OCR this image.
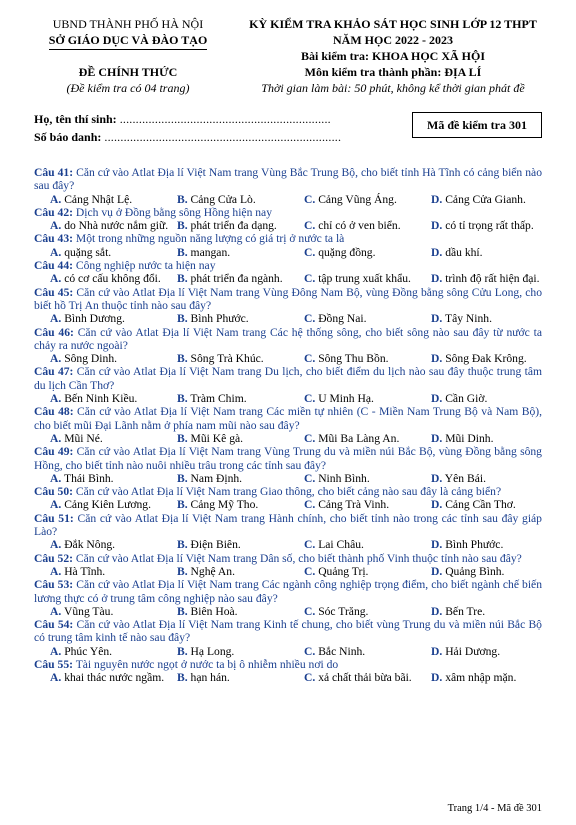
UBND THÀNH PHỐ HÀ NỘI
SỞ GIÁO DỤC VÀ ĐÀO TẠO
ĐỀ CHÍNH THỨC
(Đề kiểm tra có 04 trang)
KỲ KIỂM TRA KHẢO SÁT HỌC SINH LỚP 12 THPT
NĂM HỌC 2022 - 2023
Bài kiểm tra: KHOA HỌC XÃ HỘI
Môn kiểm tra thành phần: ĐỊA LÍ
Thời gian làm bài: 50 phút, không kể thời gian phát đề
Họ, tên thí sinh: ..................................................................
Số báo danh: ..........................................................................
Mã đề kiểm tra 301
Câu 41: Căn cứ vào Atlat Địa lí Việt Nam trang Vùng Bắc Trung Bộ, cho biết tỉnh Hà Tĩnh có cảng biển nào sau đây?
A. Cảng Nhật Lệ.	B. Cảng Cửa Lò.	C. Cảng Vũng Áng.	D. Cảng Cửa Gianh.
Câu 42: Dịch vụ ở Đồng bằng sông Hồng hiện nay
A. do Nhà nước nắm giữ. B. phát triển đa dạng.	C. chỉ có ở ven biển.	D. có tỉ trọng rất thấp.
Câu 43: Một trong những nguồn năng lượng có giá trị ở nước ta là
A. quặng sắt.	B. mangan.	C. quặng đồng.	D. dầu khí.
Câu 44: Công nghiệp nước ta hiện nay
A. có cơ cấu không đổi.	B. phát triển đa ngành.	C. tập trung xuất khẩu.	D. trình độ rất hiện đại.
Câu 45: Căn cứ vào Atlat Địa lí Việt Nam trang Vùng Đông Nam Bộ, vùng Đồng bằng sông Cửu Long, cho biết hồ Trị An thuộc tỉnh nào sau đây?
A. Bình Dương.	B. Bình Phước.	C. Đồng Nai.	D. Tây Ninh.
Câu 46: Căn cứ vào Atlat Địa lí Việt Nam trang Các hệ thống sông, cho biết sông nào sau đây từ nước ta chảy ra nước ngoài?
A. Sông Dinh.	B. Sông Trà Khúc.	C. Sông Thu Bồn.	D. Sông Đak Krông.
Câu 47: Căn cứ vào Atlat Địa lí Việt Nam trang Du lịch, cho biết điểm du lịch nào sau đây thuộc trung tâm du lịch Cần Thơ?
A. Bến Ninh Kiều.	B. Tràm Chim.	C. U Minh Hạ.	D. Cần Giờ.
Câu 48: Căn cứ vào Atlat Địa lí Việt Nam trang Các miền tự nhiên (C - Miền Nam Trung Bộ và Nam Bộ), cho biết mũi Đại Lãnh nằm ở phía nam mũi nào sau đây?
A. Mũi Né.	B. Mũi Kê gà.	C. Mũi Ba Làng An.	D. Mũi Dinh.
Câu 49: Căn cứ vào Atlat Địa lí Việt Nam trang Vùng Trung du và miền núi Bắc Bộ, vùng Đồng bằng sông Hồng, cho biết tỉnh nào nuôi nhiều trâu trong các tỉnh sau đây?
A. Thái Bình.	B. Nam Định.	C. Ninh Bình.	D. Yên Bái.
Câu 50: Căn cứ vào Atlat Địa lí Việt Nam trang Giao thông, cho biết cảng nào sau đây là cảng biển?
A. Cảng Kiên Lương.	B. Cảng Mỹ Tho.	C. Cảng Trà Vinh.	D. Cảng Cần Thơ.
Câu 51: Căn cứ vào Atlat Địa lí Việt Nam trang Hành chính, cho biết tỉnh nào trong các tỉnh sau đây giáp Lào?
A. Đắk Nông.	B. Điện Biên.	C. Lai Châu.	D. Bình Phước.
Câu 52: Căn cứ vào Atlat Địa lí Việt Nam trang Dân số, cho biết thành phố Vinh thuộc tỉnh nào sau đây?
A. Hà Tĩnh.	B. Nghệ An.	C. Quảng Trị.	D. Quảng Bình.
Câu 53: Căn cứ vào Atlat Địa lí Việt Nam trang Các ngành công nghiệp trọng điểm, cho biết ngành chế biến lương thực có ở trung tâm công nghiệp nào sau đây?
A. Vũng Tàu.	B. Biên Hoà.	C. Sóc Trăng.	D. Bến Tre.
Câu 54: Căn cứ vào Atlat Địa lí Việt Nam trang Kinh tế chung, cho biết vùng Trung du và miền núi Bắc Bộ có trung tâm kinh tế nào sau đây?
A. Phúc Yên.	B. Hạ Long.	C. Bắc Ninh.	D. Hải Dương.
Câu 55: Tài nguyên nước ngọt ở nước ta bị ô nhiễm nhiều nơi do
A. khai thác nước ngầm.	B. hạn hán.	C. xả chất thải bừa bãi.	D. xâm nhập mặn.
Trang 1/4 - Mã đề 301
